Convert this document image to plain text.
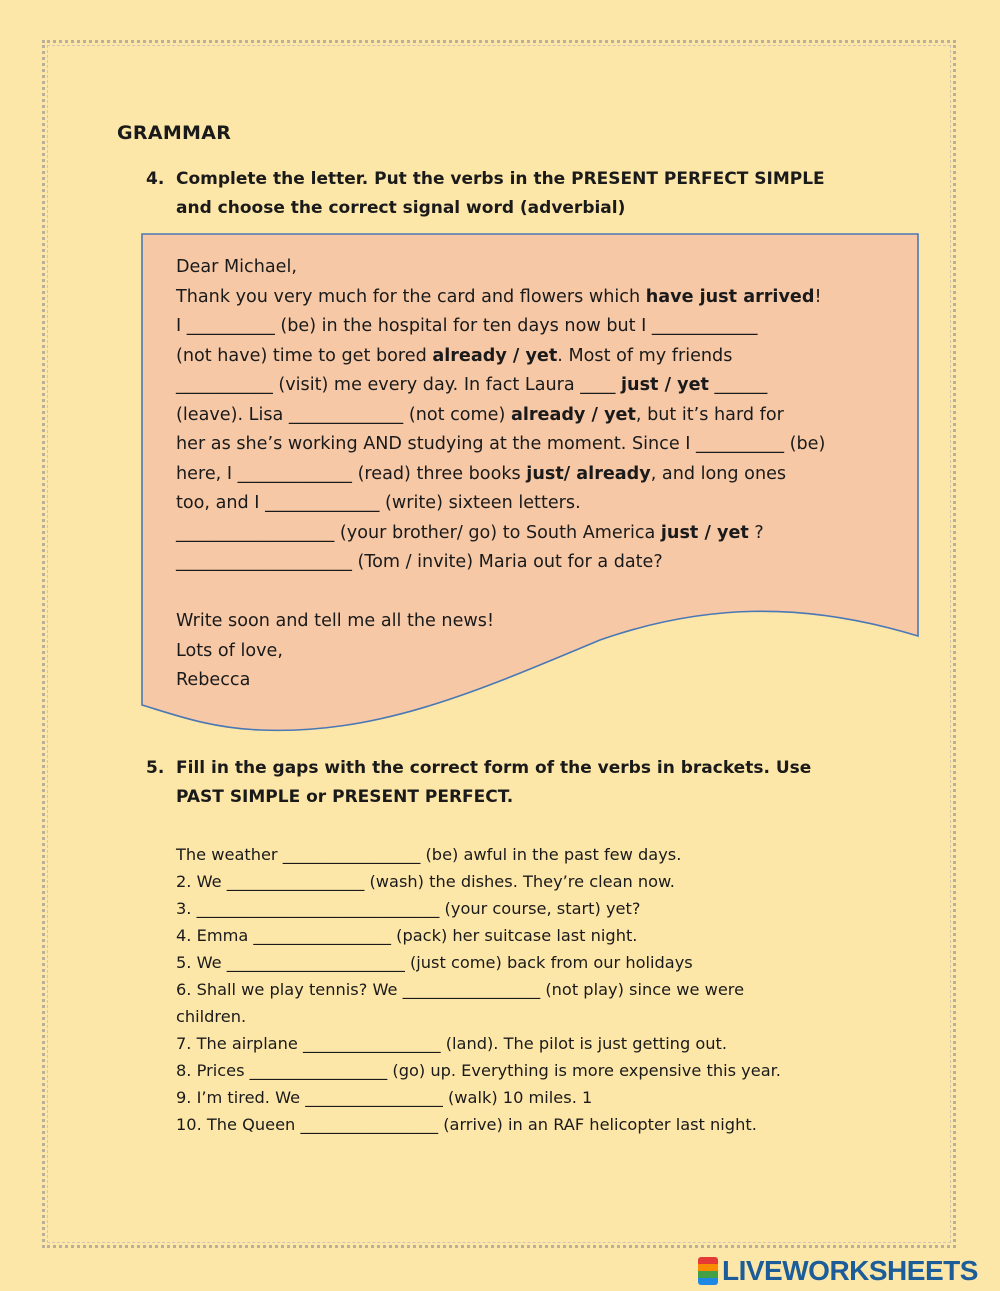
GRAMMAR
4. Complete the letter. Put the verbs in the PRESENT PERFECT SIMPLE
and choose the correct signal word (adverbial)

Dear Michael,

Thank you very much for the card and flowers which have just arrived!

I __________ (be) in the hospital for ten days now but I ____________

(not have) time to get bored already / yet. Most of my friends

___________ (visit) me every day. In fact Laura ____ just / yet ______

(leave). Lisa _____________ (not come) already / yet, but it’s hard for

her as she’s working AND studying at the moment. Since I __________ (be)

here, I _____________ (read) three books just/ already, and long ones

too, and I _____________ (write) sixteen letters.

__________________ (your brother/ go) to South America just / yet ?

____________________ (Tom / invite) Maria out for a date?

Write soon and tell me all the news!

Lots of love,

Rebecca

5. Fill in the gaps with the correct form of the verbs in brackets. Use
PAST SIMPLE or PRESENT PERFECT.

The weather _________________ (be) awful in the past few days.

2. We _________________ (wash) the dishes. They’re clean now.

3. ______________________________ (your course, start) yet?

4. Emma _________________ (pack) her suitcase last night.

5. We ______________________ (just come) back from our holidays

6. Shall we play tennis? We _________________ (not play) since we were

children.

7. The airplane _________________ (land). The pilot is just getting out.

8. Prices _________________ (go) up. Everything is more expensive this year.

9. I’m tired. We _________________ (walk) 10 miles. 1

10. The Queen _________________ (arrive) in an RAF helicopter last night.

LIVEWORKSHEETS
